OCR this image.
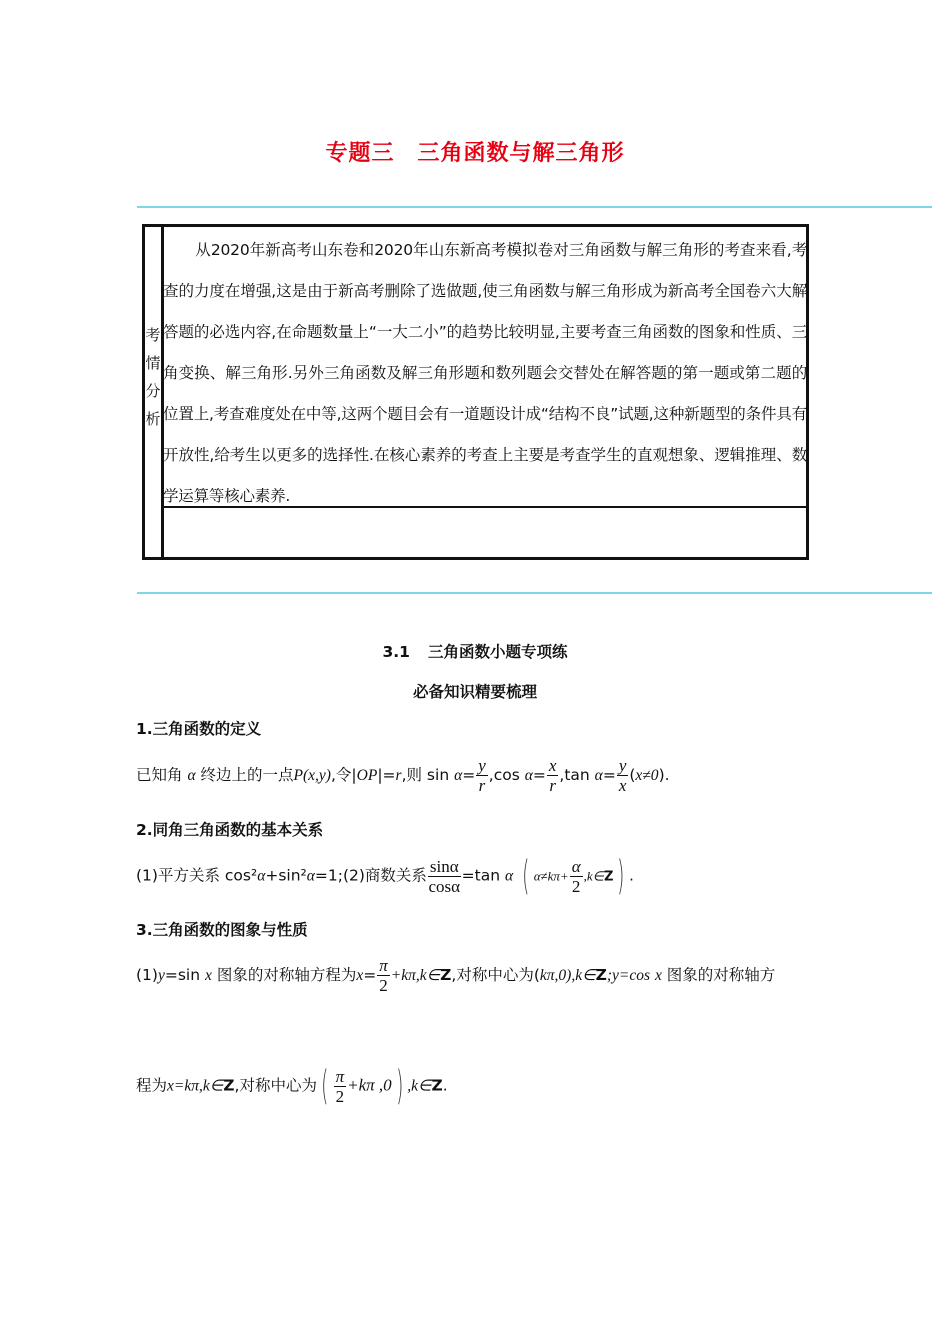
专题三　三角函数与解三角形
考
情
分
析
从2020年新高考山东卷和2020年山东新高考模拟卷对三角函数与解三角形的考查来看,考查的力度在增强,这是由于新高考删除了选做题,使三角函数与解三角形成为新高考全国卷六大解答题的必选内容,在命题数量上“一大二小”的趋势比较明显,主要考查三角函数的图象和性质、三角变换、解三角形.另外三角函数及解三角形题和数列题会交替处在解答题的第一题或第二题的位置上,考查难度处在中等,这两个题目会有一道题设计成“结构不良”试题,这种新题型的条件具有开放性,给考生以更多的选择性.在核心素养的考查上主要是考查学生的直观想象、逻辑推理、数学运算等核心素养.
3.1 三角函数小题专项练
必备知识精要梳理
1.三角函数的定义
已知角 α 终边上的一点P(x,y),令|OP|=r,则 $\sin \alpha= \frac{y}{r} ,\cos$ $\alpha= \frac{x}{r} ,\tan$ $\alpha= \frac{y}{x} (x\ne 0)$.
2.同角三角函数的基本关系
(1)平方关系 cos²α+sin²α=1;(2)商数关系 $\frac{\sin\alpha}{\cos\alpha} =\tan$ α ( $\alpha\ne k\pi+ \frac{\alpha}{2}$ ,k∈Z ) .
3.三角函数的图象与性质
(1)y=sin x 图象的对称轴方程为$x= \frac{\pi}{2}$ +kπ,k∈Z,对称中心为(kπ,0),k∈Z;y=cos x 图象的对称轴方
程为x=kπ,k∈Z,对称中心为 ( $\frac{\pi}{2} +k\pi$ ,0 ) ,k∈Z.
